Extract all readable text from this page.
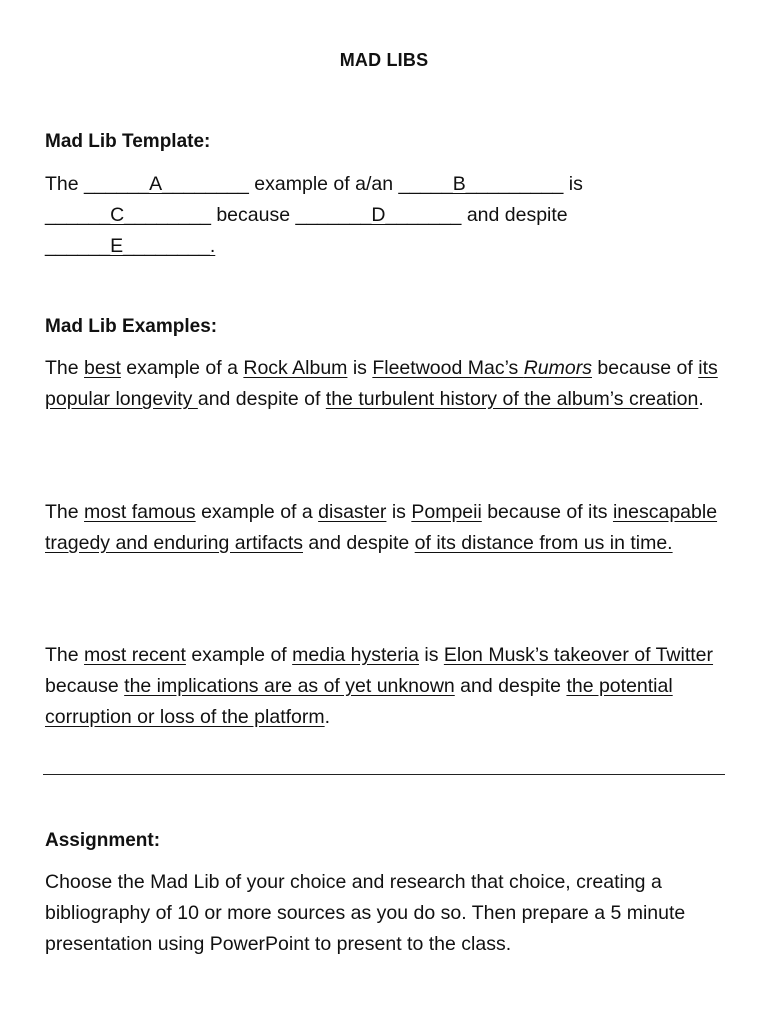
MAD LIBS
Mad Lib Template:
The ______A________ example of a/an _____B_________ is
______C________ because _______D_______ and despite
______E________.
Mad Lib Examples:

The best example of a Rock Album is Fleetwood Mac’s Rumors because of its popular longevity and despite of the turbulent history of the album’s creation.

The most famous example of a disaster is Pompeii because of its inescapable tragedy and enduring artifacts and despite of its distance from us in time.

The most recent example of media hysteria is Elon Musk’s takeover of Twitter because the implications are as of yet unknown and despite the potential corruption or loss of the platform.

Assignment:

Choose the Mad Lib of your choice and research that choice, creating a bibliography of 10 or more sources as you do so. Then prepare a 5 minute presentation using PowerPoint to present to the class.
